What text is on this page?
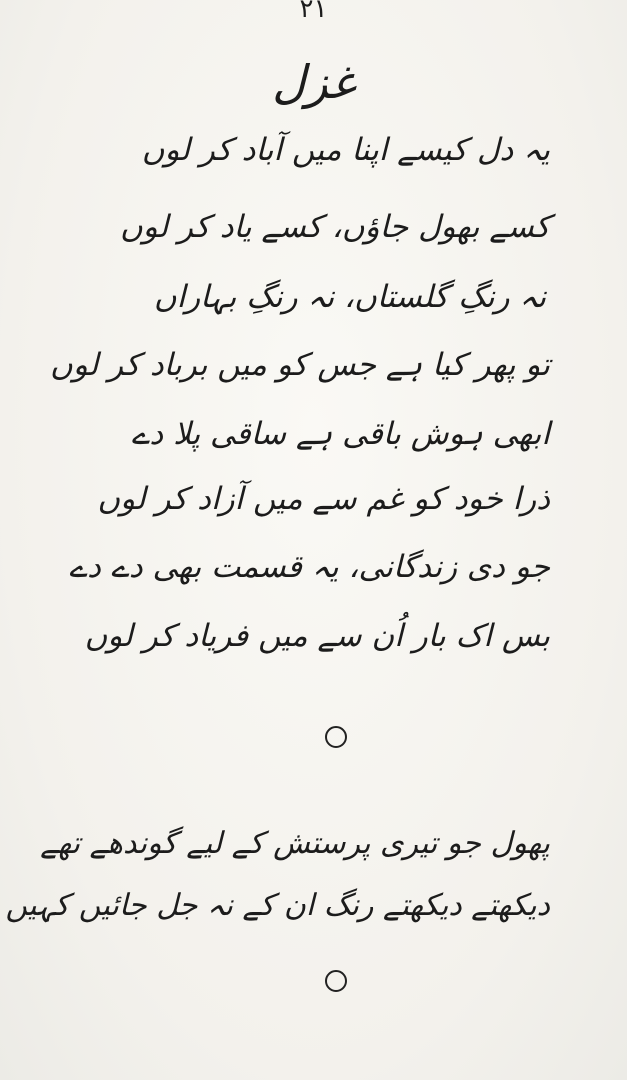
۲۱
غزل
یہ دل کیسے اپنا میں آباد کر لوں
کسے بھول جاؤں، کسے یاد کر لوں
نہ رنگِ گلستاں، نہ رنگِ بہاراں
تو پھر کیا ہے جس کو میں برباد کر لوں
ابھی ہوش باقی ہے ساقی پلا دے
ذرا خود کو غم سے میں آزاد کر لوں
جو دی زندگانی، یہ قسمت بھی دے دے
بس اک بار اُن سے میں فریاد کر لوں
پھول جو تیری پرستش کے لیے گوندھے تھے
دیکھتے دیکھتے رنگ ان کے نہ جل جائیں کہیں
